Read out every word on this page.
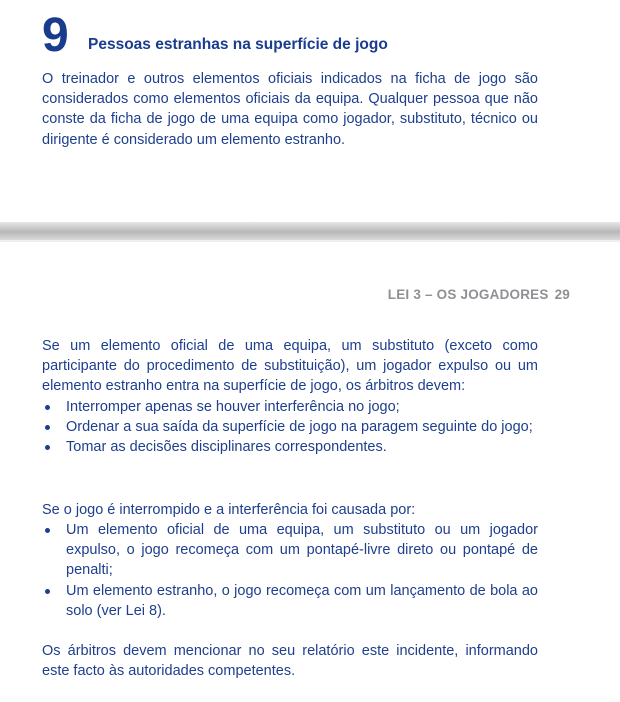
9 Pessoas estranhas na superfície de jogo

O treinador e outros elementos oficiais indicados na ficha de jogo são considerados como elementos oficiais da equipa. Qualquer pessoa que não conste da ficha de jogo de uma equipa como jogador, substituto, técnico ou dirigente é considerado um elemento estranho.

LEI 3 – OS JOGADORES 29

Se um elemento oficial de uma equipa, um substituto (exceto como participante do procedimento de substituição), um jogador expulso ou um elemento estranho entra na superfície de jogo, os árbitros devem:

Interromper apenas se houver interferência no jogo;
Ordenar a sua saída da superfície de jogo na paragem seguinte do jogo;
Tomar as decisões disciplinares correspondentes.

Se o jogo é interrompido e a interferência foi causada por:

Um elemento oficial de uma equipa, um substituto ou um jogador expulso, o jogo recomeça com um pontapé-livre direto ou pontapé de penalti;
Um elemento estranho, o jogo recomeça com um lançamento de bola ao solo (ver Lei 8).

Os árbitros devem mencionar no seu relatório este incidente, informando este facto às autoridades competentes.
